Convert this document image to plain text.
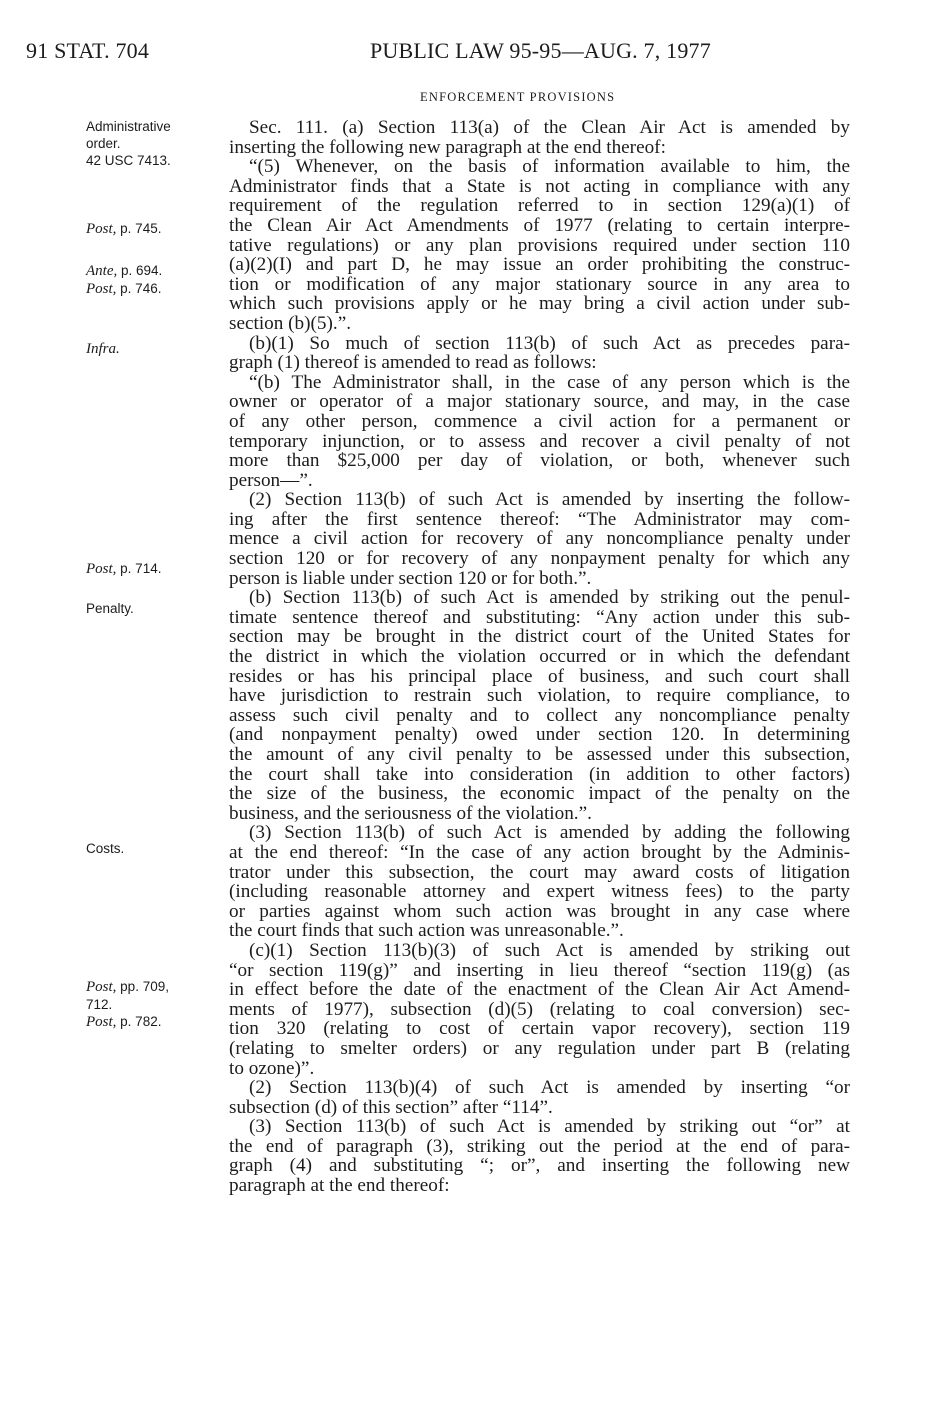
91 STAT. 704	PUBLIC LAW 95-95—AUG. 7, 1977
ENFORCEMENT PROVISIONS
Administrative
order.
42 USC 7413.
Post, p. 745.
Ante, p. 694.
Post, p. 746.
Infra.
Post, p. 714.
Penalty.
Costs.
Post, pp. 709,
712.
Post, p. 782.
Sec. 111. (a) Section 113(a) of the Clean Air Act is amended by
inserting the following new paragraph at the end thereof:
“(5) Whenever, on the basis of information available to him, the
Administrator finds that a State is not acting in compliance with any
requirement of the regulation referred to in section 129(a)(1) of
the Clean Air Act Amendments of 1977 (relating to certain interpre-
tative regulations) or any plan provisions required under section 110
(a)(2)(I) and part D, he may issue an order prohibiting the construc-
tion or modification of any major stationary source in any area to
which such provisions apply or he may bring a civil action under sub-
section (b)(5).”.
(b)(1) So much of section 113(b) of such Act as precedes para-
graph (1) thereof is amended to read as follows:
“(b) The Administrator shall, in the case of any person which is the
owner or operator of a major stationary source, and may, in the case
of any other person, commence a civil action for a permanent or
temporary injunction, or to assess and recover a civil penalty of not
more than $25,000 per day of violation, or both, whenever such
person—”.
(2) Section 113(b) of such Act is amended by inserting the follow-
ing after the first sentence thereof: “The Administrator may com-
mence a civil action for recovery of any noncompliance penalty under
section 120 or for recovery of any nonpayment penalty for which any
person is liable under section 120 or for both.”.
(b) Section 113(b) of such Act is amended by striking out the penul-
timate sentence thereof and substituting: “Any action under this sub-
section may be brought in the district court of the United States for
the district in which the violation occurred or in which the defendant
resides or has his principal place of business, and such court shall
have jurisdiction to restrain such violation, to require compliance, to
assess such civil penalty and to collect any noncompliance penalty
(and nonpayment penalty) owed under section 120. In determining
the amount of any civil penalty to be assessed under this subsection,
the court shall take into consideration (in addition to other factors)
the size of the business, the economic impact of the penalty on the
business, and the seriousness of the violation.”.
(3) Section 113(b) of such Act is amended by adding the following
at the end thereof: “In the case of any action brought by the Adminis-
trator under this subsection, the court may award costs of litigation
(including reasonable attorney and expert witness fees) to the party
or parties against whom such action was brought in any case where
the court finds that such action was unreasonable.”.
(c)(1) Section 113(b)(3) of such Act is amended by striking out
“or section 119(g)” and inserting in lieu thereof “section 119(g) (as
in effect before the date of the enactment of the Clean Air Act Amend-
ments of 1977), subsection (d)(5) (relating to coal conversion) sec-
tion 320 (relating to cost of certain vapor recovery), section 119
(relating to smelter orders) or any regulation under part B (relating
to ozone)”.
(2) Section 113(b)(4) of such Act is amended by inserting “or
subsection (d) of this section” after “114”.
(3) Section 113(b) of such Act is amended by striking out “or” at
the end of paragraph (3), striking out the period at the end of para-
graph (4) and substituting “; or”, and inserting the following new
paragraph at the end thereof:
